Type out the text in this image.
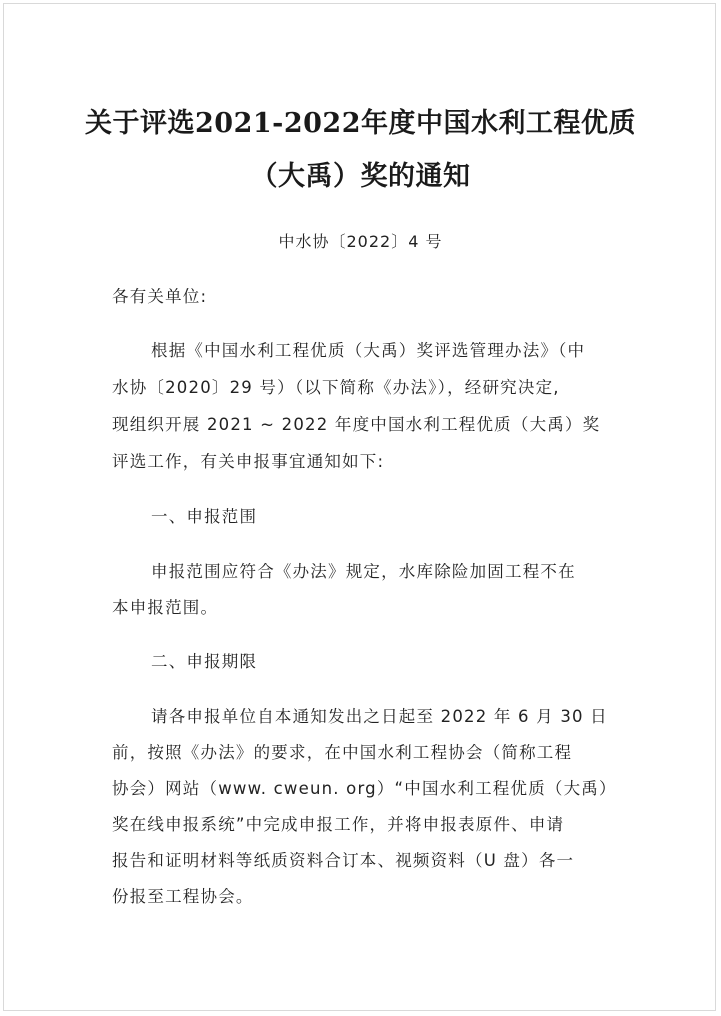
关于评选2021-2022年度中国水利工程优质
（大禹）奖的通知
中水协〔2022〕4 号
各有关单位:
根据《中国水利工程优质（大禹）奖评选管理办法》（中
水协〔2020〕29 号）（以下简称《办法》），经研究决定,
现组织开展 2021 ~ 2022 年度中国水利工程优质（大禹）奖
评选工作，有关申报事宜通知如下:
一、申报范围
申报范围应符合《办法》规定，水库除险加固工程不在
本申报范围。
二、申报期限
请各申报单位自本通知发出之日起至 2022 年 6 月 30 日
前，按照《办法》的要求，在中国水利工程协会（简称工程
协会）网站（www. cweun. org）“中国水利工程优质（大禹）
奖在线申报系统”中完成申报工作，并将申报表原件、申请
报告和证明材料等纸质资料合订本、视频资料（U 盘）各一
份报至工程协会。
